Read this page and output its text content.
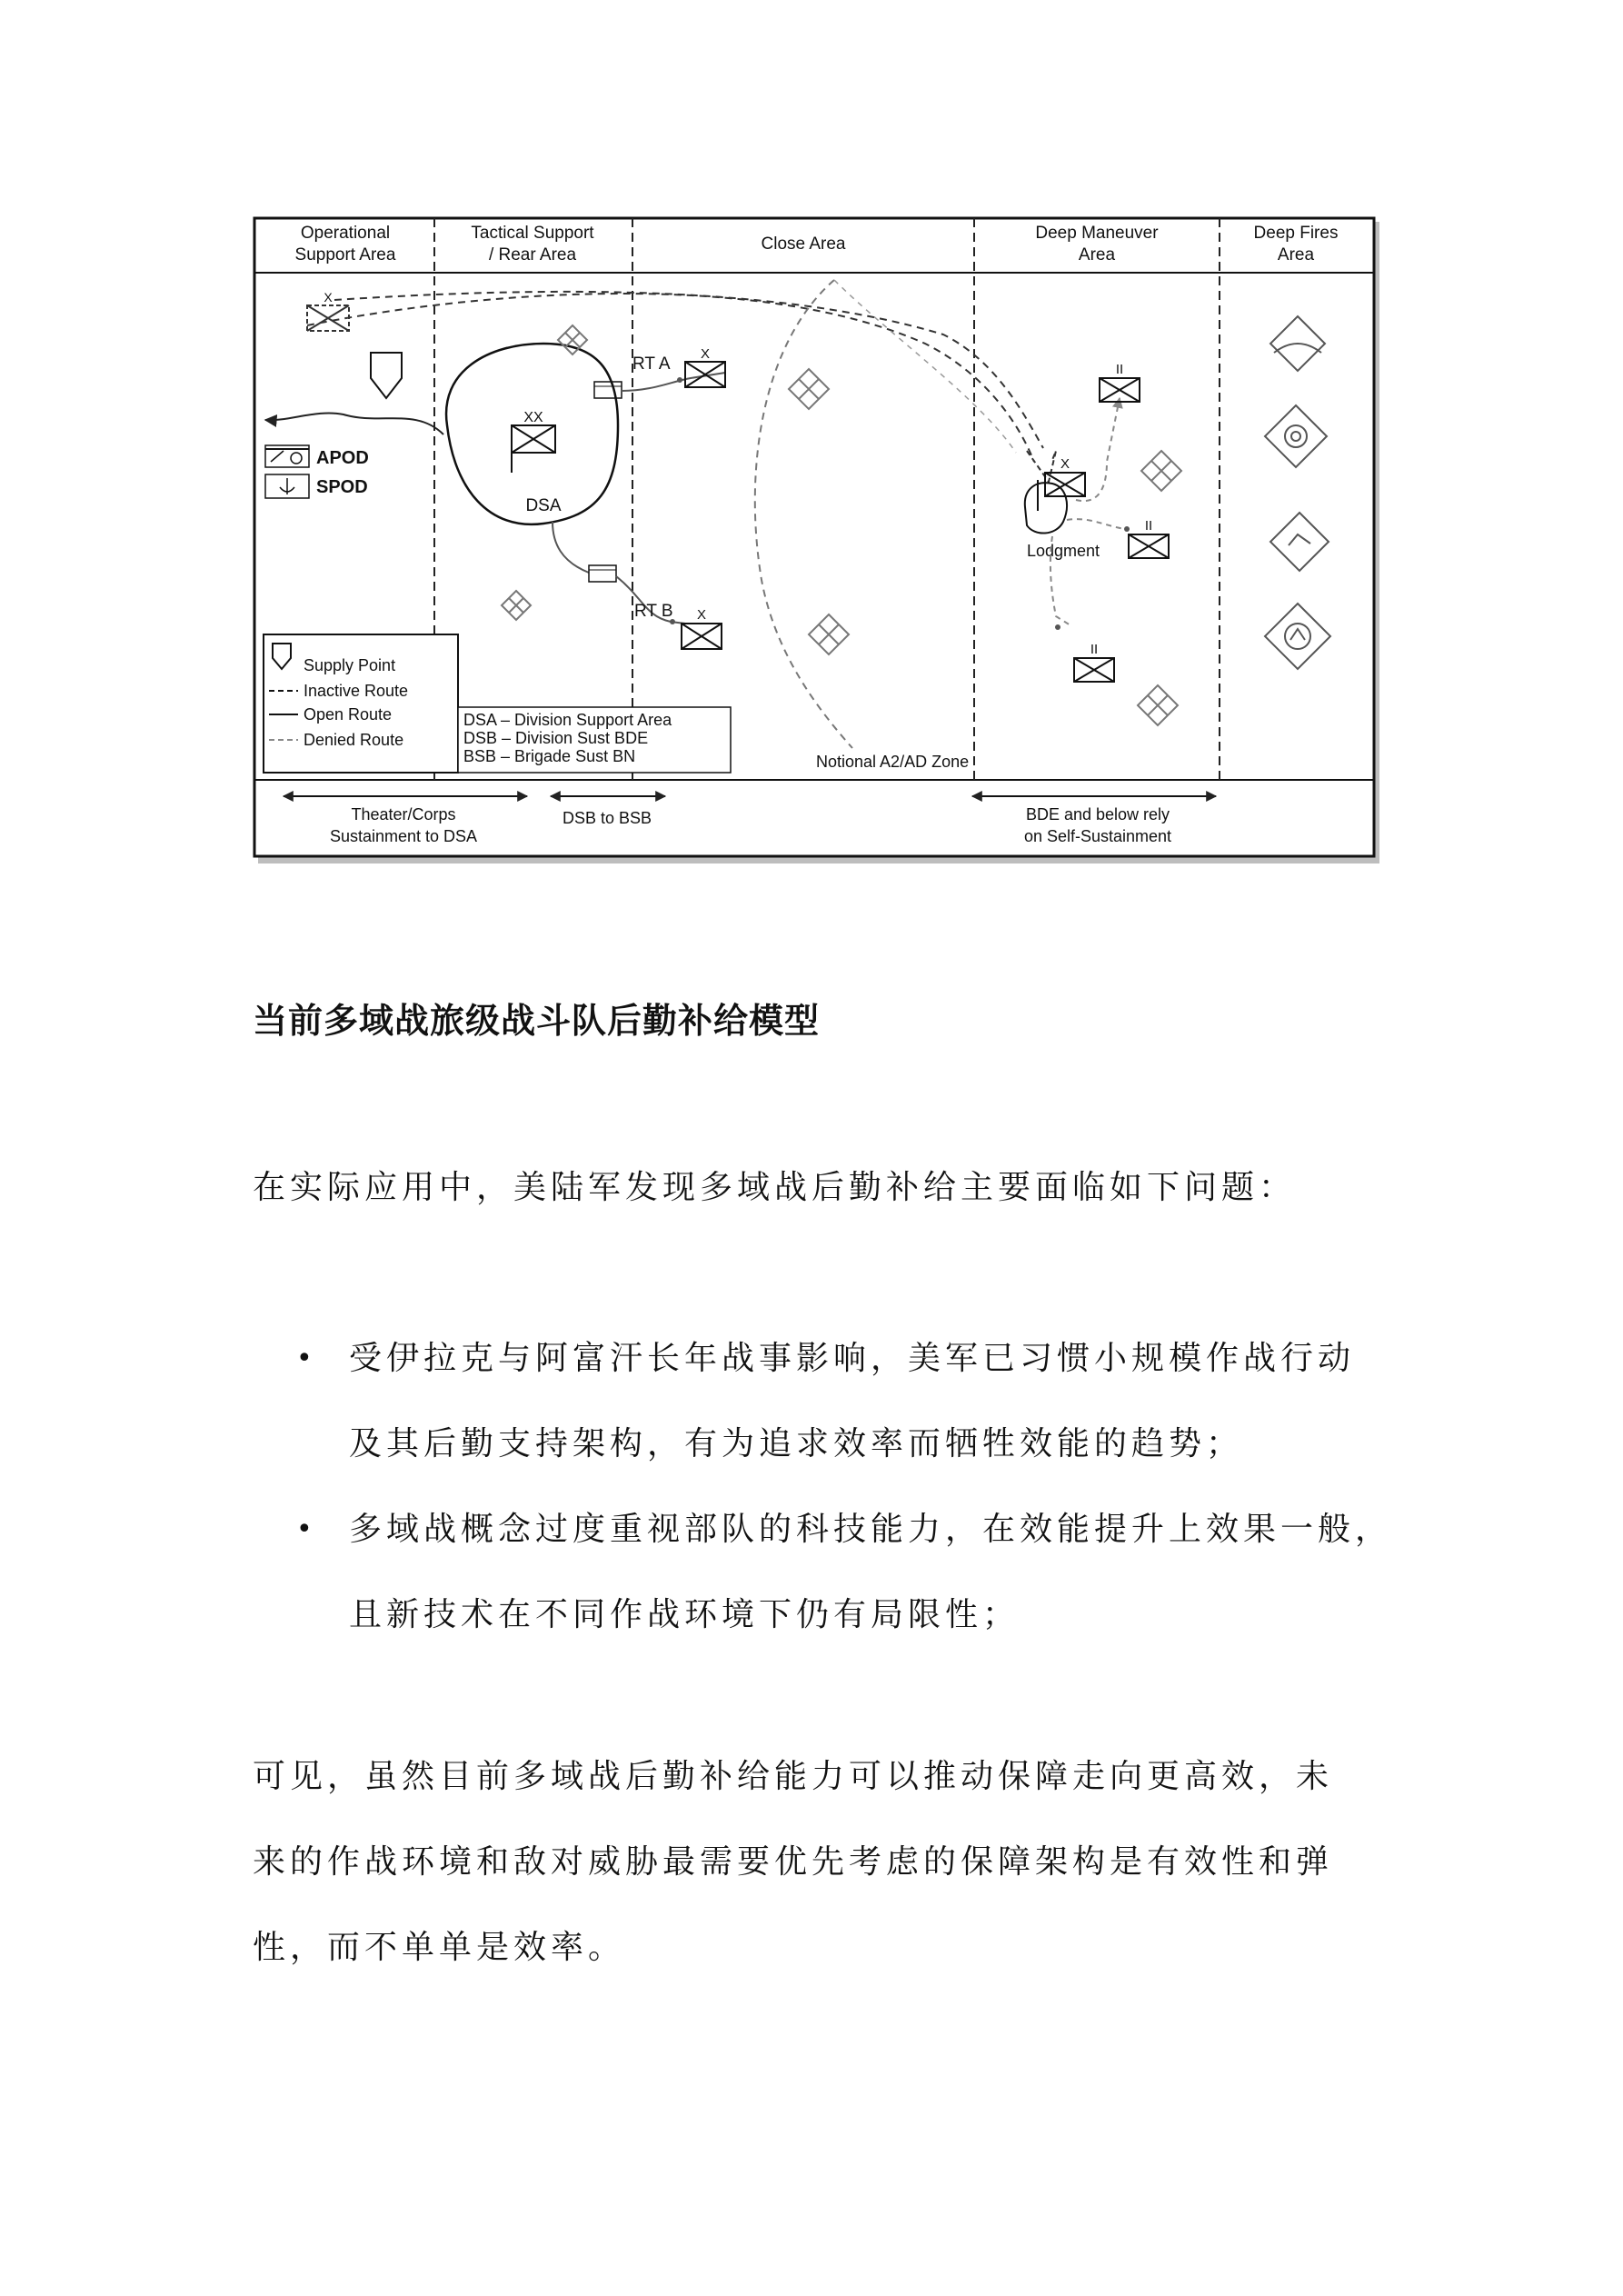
Operational
Support Area
Tactical Support
/ Rear Area
Close Area
Deep Maneuver
Area
Deep Fires
Area
X
APOD
SPOD
XX
DSA
RT A
X
RT B X
Notional A2/AD Zone
Lodgment
X
II
II
II
Supply Point
Inactive Route
Open Route
Denied Route
DSA – Division Support Area
DSB – Division Sust BDE
BSB – Brigade Sust BN
Theater/Corps
Sustainment to DSA
DSB to BSB	BDE and below rely
on Self-Sustainment
当前多域战旅级战斗队后勤补给模型
在实际应用中，美陆军发现多域战后勤补给主要面临如下问题：
• 受伊拉克与阿富汗长年战事影响，美军已习惯小规模作战行动
及其后勤支持架构，有为追求效率而牺牲效能的趋势；
• 多域战概念过度重视部队的科技能力，在效能提升上效果一般，
且新技术在不同作战环境下仍有局限性；
可见，虽然目前多域战后勤补给能力可以推动保障走向更高效，未
来的作战环境和敌对威胁最需要优先考虑的保障架构是有效性和弹
性，而不单单是效率。
